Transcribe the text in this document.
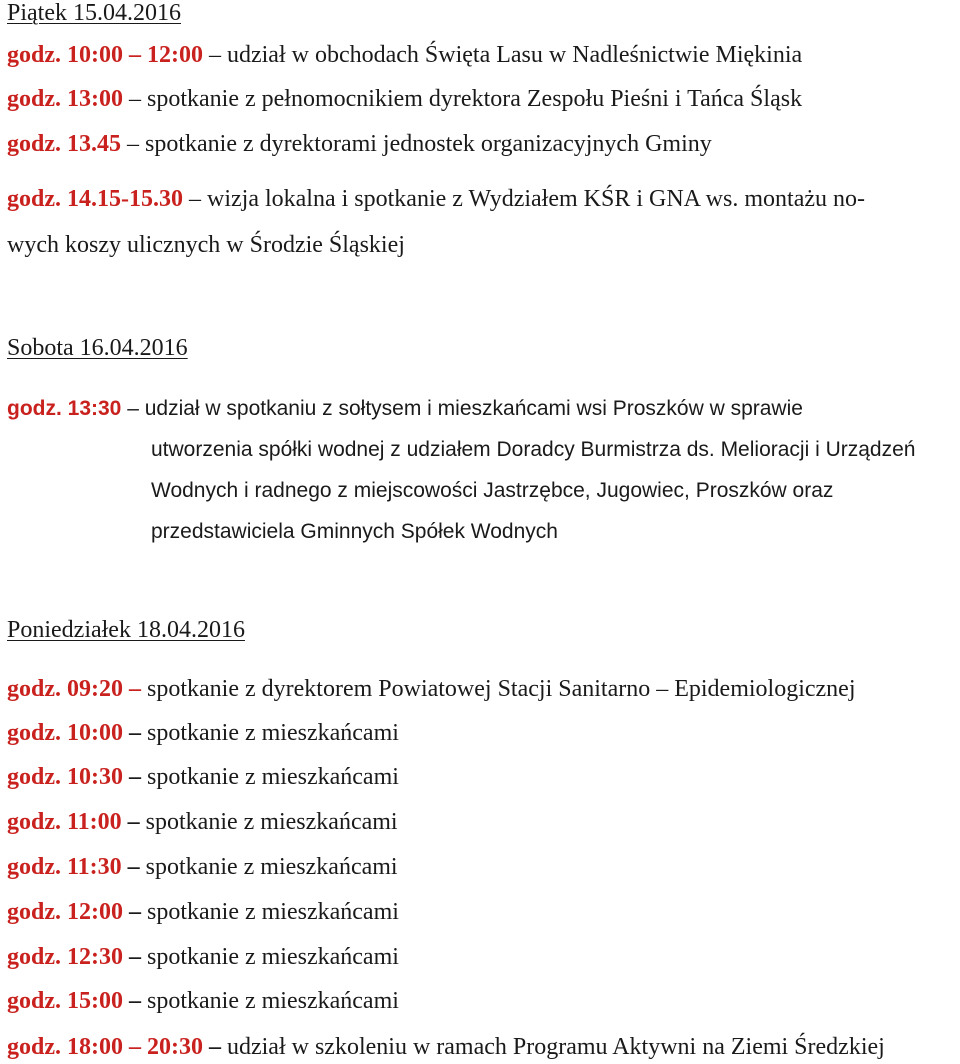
Piątek 15.04.2016

godz. 10:00 – 12:00 – udział w obchodach Święta Lasu w Nadleśnictwie Miękinia

godz. 13:00 – spotkanie z pełnomocnikiem dyrektora Zespołu Pieśni i Tańca Śląsk

godz. 13.45 – spotkanie z dyrektorami jednostek organizacyjnych Gminy

godz. 14.15-15.30 – wizja lokalna i spotkanie z Wydziałem KŚR i GNA ws. montażu no-

wych koszy ulicznych w Środzie Śląskiej

Sobota 16.04.2016

godz. 13:30 – udział w spotkaniu z sołtysem i mieszkańcami wsi Proszków w sprawie

utworzenia spółki wodnej z udziałem Doradcy Burmistrza ds. Melioracji i Urządzeń

Wodnych i radnego z miejscowości Jastrzębce, Jugowiec, Proszków oraz

przedstawiciela Gminnych Spółek Wodnych

Poniedziałek 18.04.2016

godz. 09:20 – spotkanie z dyrektorem Powiatowej Stacji Sanitarno – Epidemiologicznej

godz. 10:00 – spotkanie z mieszkańcami

godz. 10:30 – spotkanie z mieszkańcami

godz. 11:00 – spotkanie z mieszkańcami

godz. 11:30 – spotkanie z mieszkańcami

godz. 12:00 – spotkanie z mieszkańcami

godz. 12:30 – spotkanie z mieszkańcami

godz. 15:00 – spotkanie z mieszkańcami

godz. 18:00 – 20:30 – udział w szkoleniu w ramach Programu Aktywni na Ziemi Średzkiej
